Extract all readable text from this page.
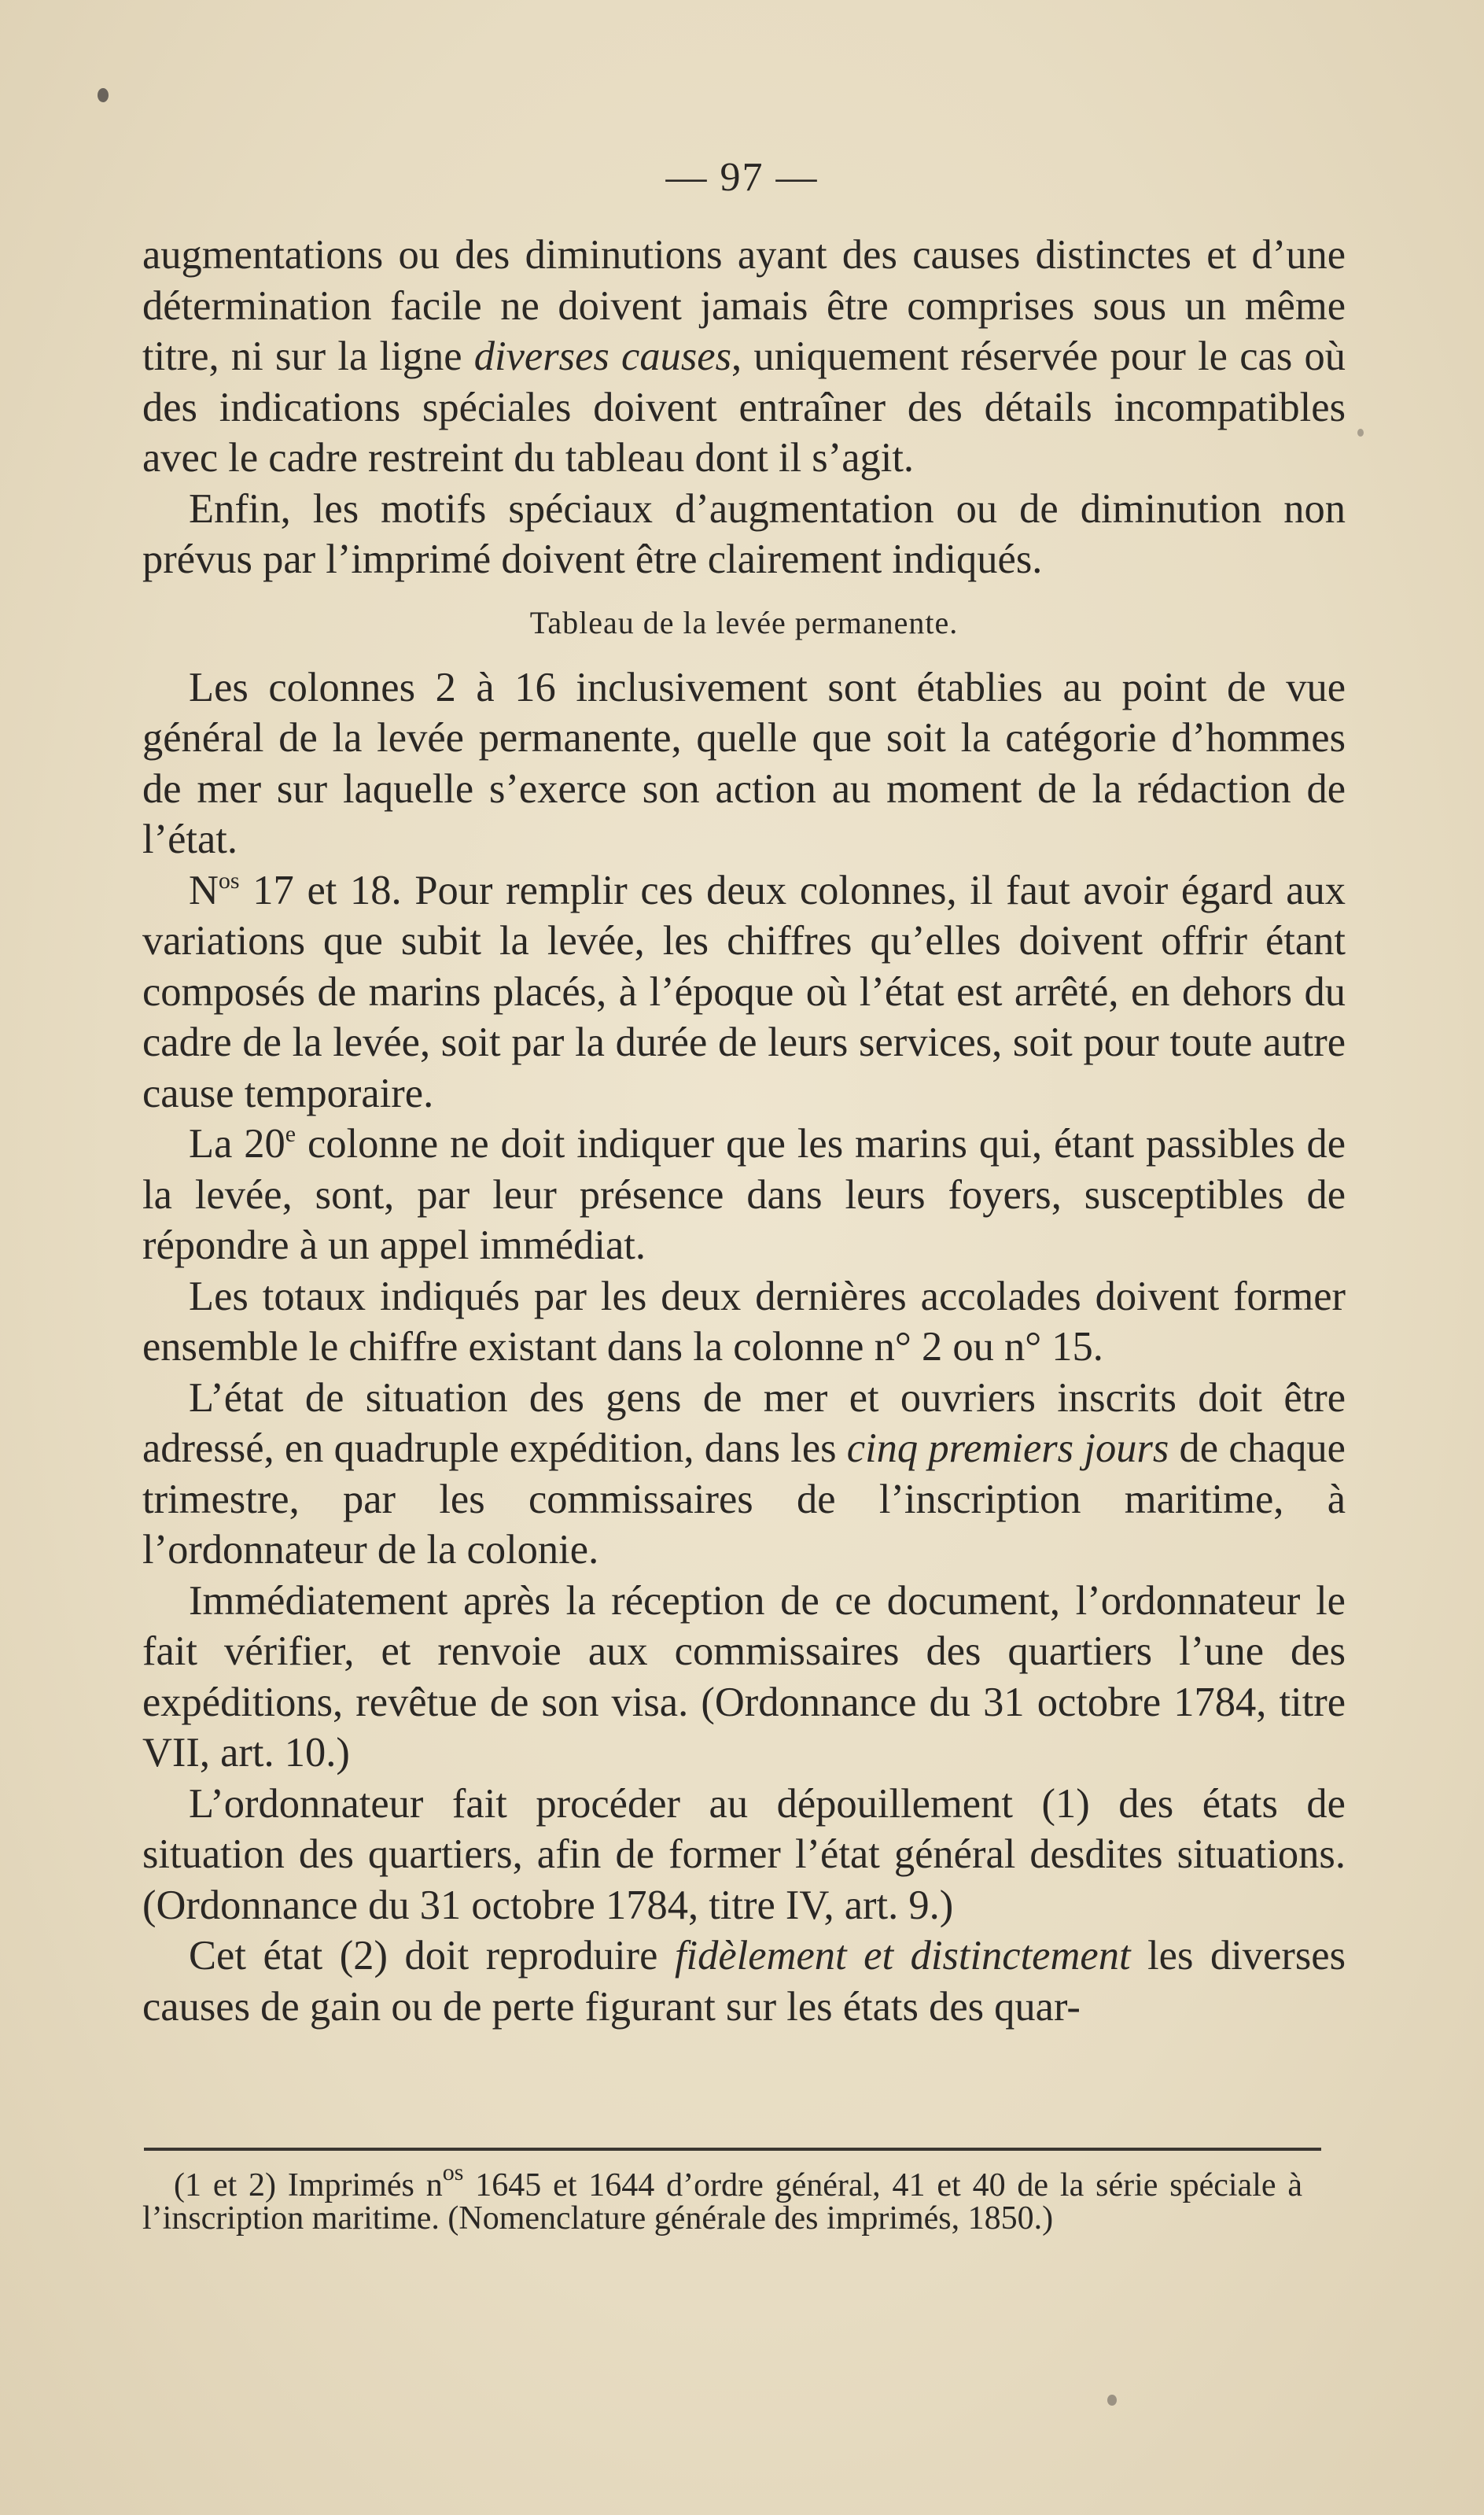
— 97 —

augmentations ou des diminutions ayant des causes distinctes et d’une détermination facile ne doivent jamais être comprises sous un même titre, ni sur la ligne diverses causes, uniquement réservée pour le cas où des indications spéciales doivent entraîner des détails incompatibles avec le cadre restreint du tableau dont il s’agit.

Enfin, les motifs spéciaux d’augmentation ou de diminution non prévus par l’imprimé doivent être clairement indiqués.

Tableau de la levée permanente.

Les colonnes 2 à 16 inclusivement sont établies au point de vue général de la levée permanente, quelle que soit la catégorie d’hommes de mer sur laquelle s’exerce son action au moment de la rédaction de l’état.

$N^{os}$ 17 et 18. Pour remplir ces deux colonnes, il faut avoir égard aux variations que subit la levée, les chiffres qu’elles doivent offrir étant composés de marins placés, à l’époque où l’état est arrêté, en dehors du cadre de la levée, soit par la durée de leurs services, soit pour toute autre cause temporaire.

La 20e colonne ne doit indiquer que les marins qui, étant passibles de la levée, sont, par leur présence dans leurs foyers, susceptibles de répondre à un appel immédiat.

Les totaux indiqués par les deux dernières accolades doivent former ensemble le chiffre existant dans la colonne n° 2 ou n° 15.

L’état de situation des gens de mer et ouvriers inscrits doit être adressé, en quadruple expédition, dans les cinq premiers jours de chaque trimestre, par les commissaires de l’inscription maritime, à l’ordonnateur de la colonie.

Immédiatement après la réception de ce document, l’ordonnateur le fait vérifier, et renvoie aux commissaires des quartiers l’une des expéditions, revêtue de son visa. (Ordonnance du 31 octobre 1784, titre VII, art. 10.)

L’ordonnateur fait procéder au dépouillement (1) des états de situation des quartiers, afin de former l’état général desdites situations. (Ordonnance du 31 octobre 1784, titre IV, art. 9.)

Cet état (2) doit reproduire fidèlement et distinctement les diverses causes de gain ou de perte figurant sur les états des quar-

(1 et 2) Imprimés $n^{os}$ 1645 et 1644 d’ordre général, 41 et 40 de la série spéciale à l’inscription maritime. (Nomenclature générale des imprimés, 1850.)
